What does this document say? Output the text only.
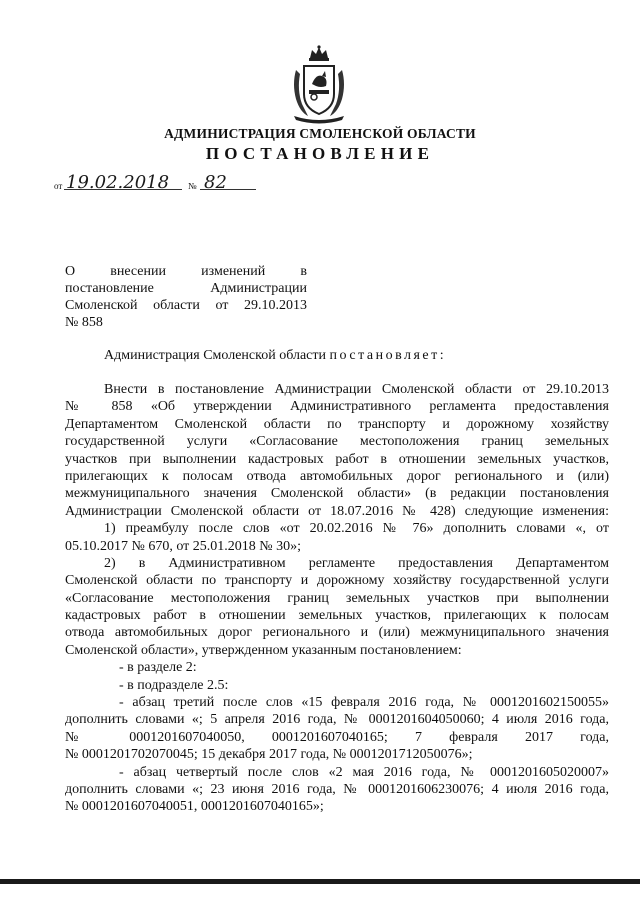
АДМИНИСТРАЦИЯ СМОЛЕНСКОЙ ОБЛАСТИ
ПОСТАНОВЛЕНИЕ
от 19.02.2018 № 82
О внесении изменений в
постановление Администрации
Смоленской области от 29.10.2013
№ 858
Администрация Смоленской области постановляет:
Внести в постановление Администрации Смоленской области от 29.10.2013
№ 858 «Об утверждении Административного регламента предоставления
Департаментом Смоленской области по транспорту и дорожному хозяйству
государственной услуги «Согласование местоположения границ земельных
участков при выполнении кадастровых работ в отношении земельных участков,
прилегающих к полосам отвода автомобильных дорог регионального и (или)
межмуниципального значения Смоленской области» (в редакции постановления
Администрации Смоленской области от 18.07.2016 № 428) следующие изменения:
1) преамбулу после слов «от 20.02.2016 № 76» дополнить словами «, от
05.10.2017 № 670, от 25.01.2018 № 30»;
2) в Административном регламенте предоставления Департаментом
Смоленской области по транспорту и дорожному хозяйству государственной услуги
«Согласование местоположения границ земельных участков при выполнении
кадастровых работ в отношении земельных участков, прилегающих к полосам
отвода автомобильных дорог регионального и (или) межмуниципального значения
Смоленской области», утвержденном указанным постановлением:
- в разделе 2:
- в подразделе 2.5:
- абзац третий после слов «15 февраля 2016 года, № 0001201602150055»
дополнить словами «; 5 апреля 2016 года, № 0001201604050060; 4 июля 2016 года,
№ 0001201607040050, 0001201607040165; 7 февраля 2017 года,
№ 0001201702070045; 15 декабря 2017 года, № 0001201712050076»;
- абзац четвертый после слов «2 мая 2016 года, № 0001201605020007»
дополнить словами «; 23 июня 2016 года, № 0001201606230076; 4 июля 2016 года,
№ 0001201607040051, 0001201607040165»;
